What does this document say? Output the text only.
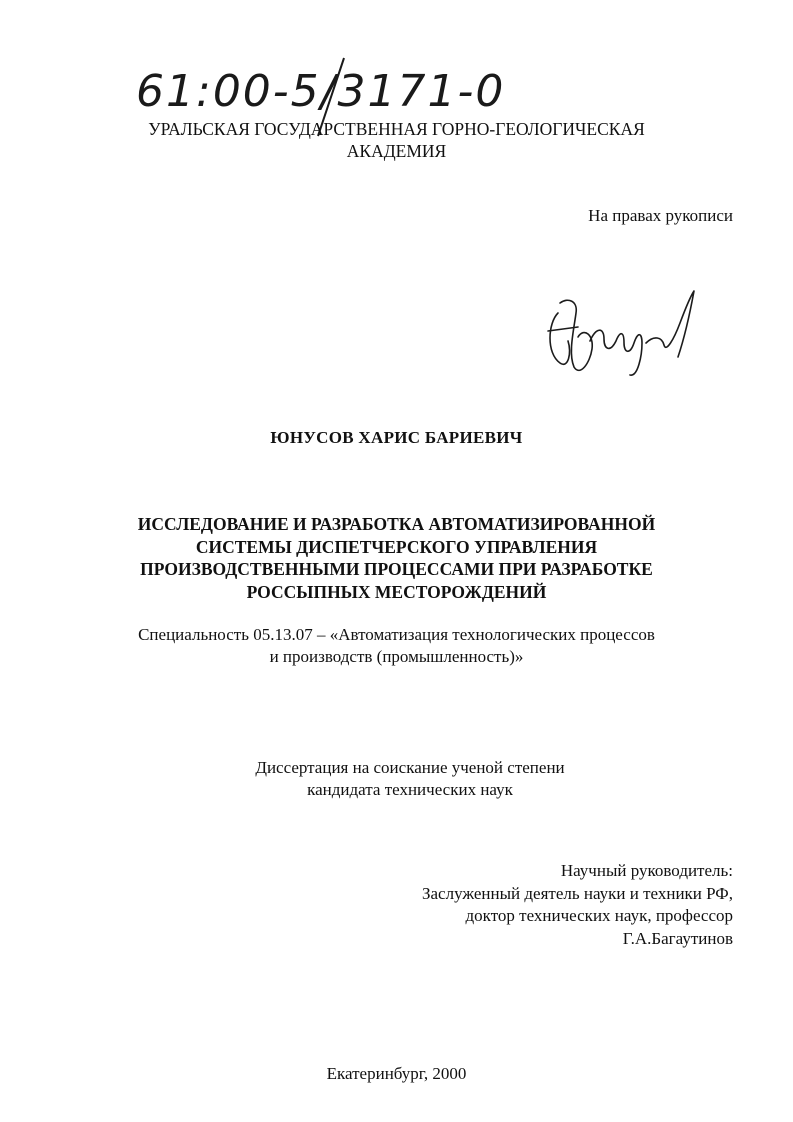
61:00-5/3171-0
УРАЛЬСКАЯ ГОСУДАРСТВЕННАЯ ГОРНО-ГЕОЛОГИЧЕСКАЯ
АКАДЕМИЯ
На правах рукописи
ЮНУСОВ ХАРИС БАРИЕВИЧ
ИССЛЕДОВАНИЕ И РАЗРАБОТКА АВТОМАТИЗИРОВАННОЙ
СИСТЕМЫ ДИСПЕТЧЕРСКОГО УПРАВЛЕНИЯ
ПРОИЗВОДСТВЕННЫМИ ПРОЦЕССАМИ ПРИ РАЗРАБОТКЕ
РОССЫПНЫХ МЕСТОРОЖДЕНИЙ
Специальность 05.13.07 – «Автоматизация технологических процессов
и производств (промышленность)»
Диссертация на соискание ученой степени
кандидата технических наук
Научный руководитель:
Заслуженный деятель науки и техники РФ,
доктор технических наук, профессор
Г.А.Багаутинов
Екатеринбург, 2000
